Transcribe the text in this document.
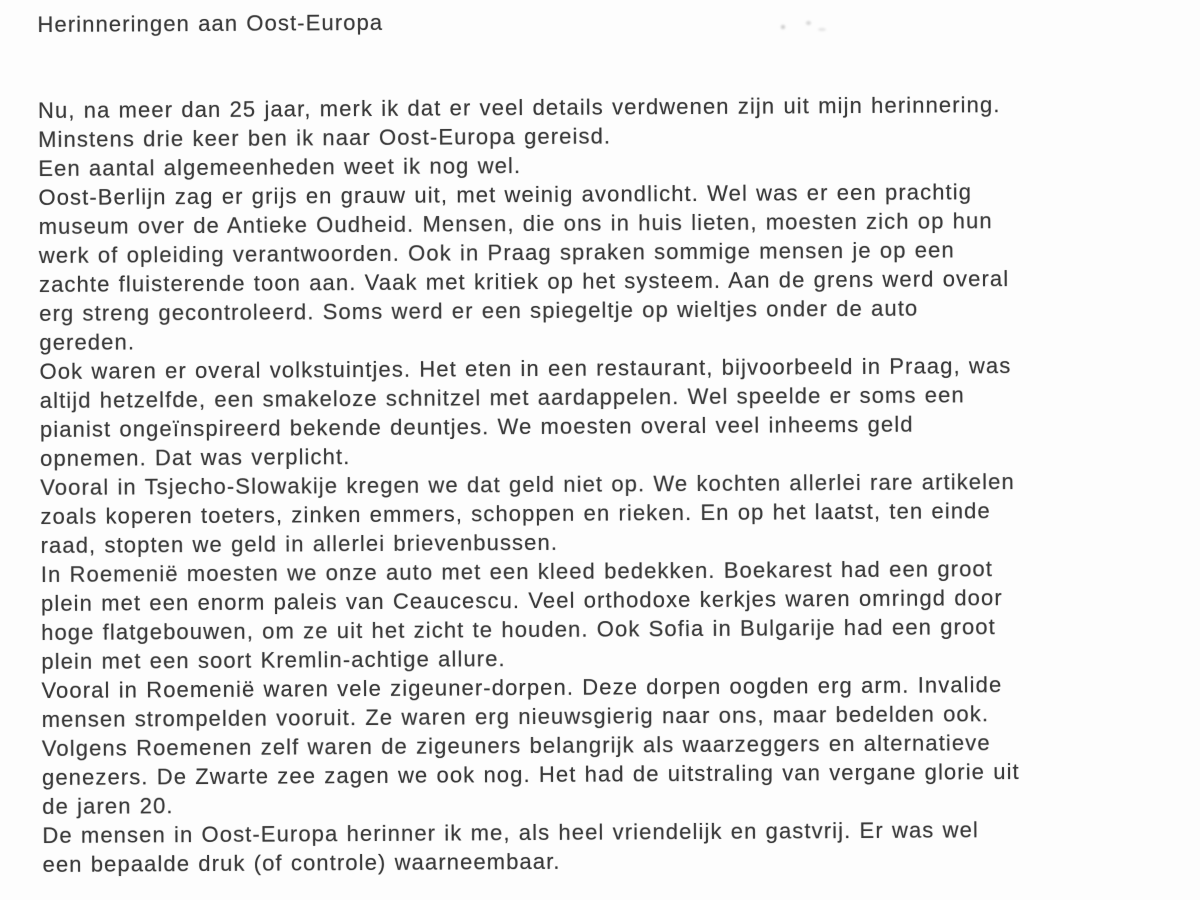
Herinneringen aan Oost-Europa
Nu, na meer dan 25 jaar, merk ik dat er veel details verdwenen zijn uit mijn herinnering.
Minstens drie keer ben ik naar Oost-Europa gereisd.
Een aantal algemeenheden weet ik nog wel.
Oost-Berlijn zag er grijs en grauw uit, met weinig avondlicht. Wel was er een prachtig
museum over de Antieke Oudheid. Mensen, die ons in huis lieten, moesten zich op hun
werk of opleiding verantwoorden. Ook in Praag spraken sommige mensen je op een
zachte fluisterende toon aan. Vaak met kritiek op het systeem. Aan de grens werd overal
erg streng gecontroleerd. Soms werd er een spiegeltje op wieltjes onder de auto
gereden.
Ook waren er overal volkstuintjes. Het eten in een restaurant, bijvoorbeeld in Praag, was
altijd hetzelfde, een smakeloze schnitzel met aardappelen. Wel speelde er soms een
pianist ongeïnspireerd bekende deuntjes. We moesten overal veel inheems geld
opnemen. Dat was verplicht.
Vooral in Tsjecho-Slowakije kregen we dat geld niet op. We kochten allerlei rare artikelen
zoals koperen toeters, zinken emmers, schoppen en rieken. En op het laatst, ten einde
raad, stopten we geld in allerlei brievenbussen.
In Roemenië moesten we onze auto met een kleed bedekken. Boekarest had een groot
plein met een enorm paleis van Ceaucescu. Veel orthodoxe kerkjes waren omringd door
hoge flatgebouwen, om ze uit het zicht te houden. Ook Sofia in Bulgarije had een groot
plein met een soort Kremlin-achtige allure.
Vooral in Roemenië waren vele zigeuner-dorpen. Deze dorpen oogden erg arm. Invalide
mensen strompelden vooruit. Ze waren erg nieuwsgierig naar ons, maar bedelden ook.
Volgens Roemenen zelf waren de zigeuners belangrijk als waarzeggers en alternatieve
genezers. De Zwarte zee zagen we ook nog. Het had de uitstraling van vergane glorie uit
de jaren 20.
De mensen in Oost-Europa herinner ik me, als heel vriendelijk en gastvrij. Er was wel
een bepaalde druk (of controle) waarneembaar.
